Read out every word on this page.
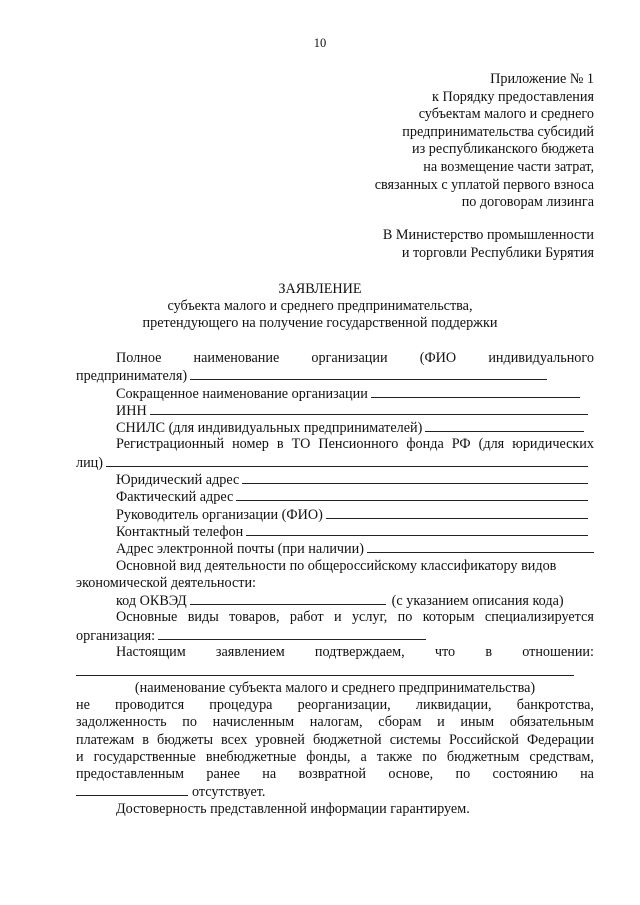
10
Приложение № 1
к Порядку предоставления
субъектам малого и среднего
предпринимательства субсидий
из республиканского бюджета
на возмещение части затрат,
связанных с уплатой первого взноса
по договорам лизинга
В Министерство промышленности
и торговли Республики Бурятия
ЗАЯВЛЕНИЕ
субъекта малого и среднего предпринимательства,
претендующего на получение государственной поддержки
Полное наименование организации (ФИО индивидуального
предпринимателя)
Сокращенное наименование организации
ИНН
СНИЛС (для индивидуальных предпринимателей)
Регистрационный номер в ТО Пенсионного фонда РФ (для юридических
лиц)
Юридический адрес
Фактический адрес
Руководитель организации (ФИО)
Контактный телефон
Адрес электронной почты (при наличии)
Основной вид деятельности по общероссийскому классификатору видов
экономической деятельности:
код ОКВЭД	(с указанием описания кода)
Основные виды товаров, работ и услуг, по которым специализируется
организация:
Настоящим заявлением подтверждаем, что в отношении:
(наименование субъекта малого и среднего предпринимательства)
не проводится процедура реорганизации, ликвидации, банкротства,
задолженность по начисленным налогам, сборам и иным обязательным
платежам в бюджеты всех уровней бюджетной системы Российской Федерации
и государственные внебюджетные фонды, а также по бюджетным средствам,
предоставленным ранее на возвратной основе, по состоянию на
отсутствует.
Достоверность представленной информации гарантируем.
